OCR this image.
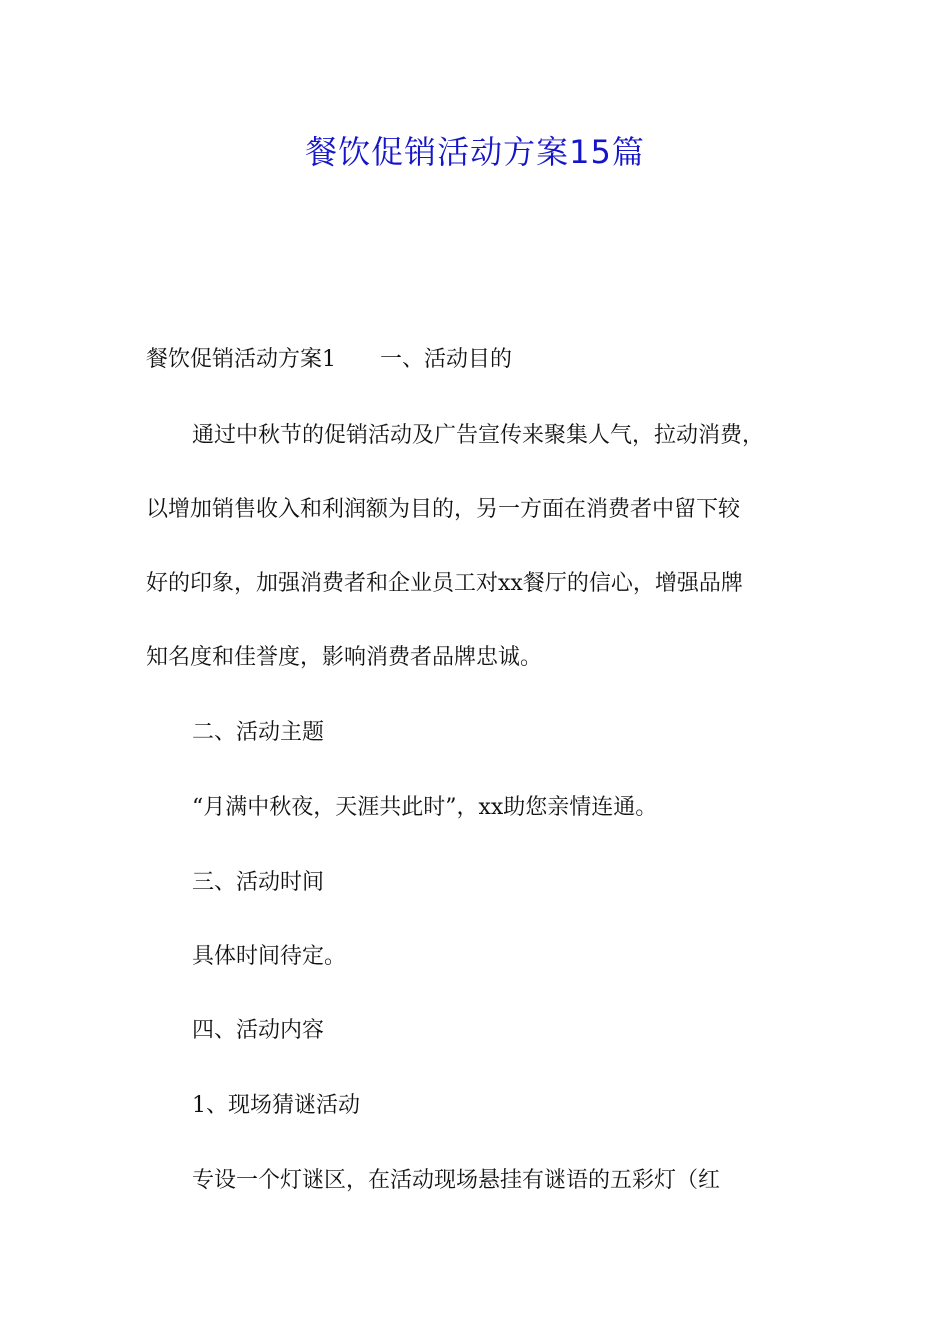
餐饮促销活动方案15篇

餐饮促销活动方案1 一、活动目的

通过中秋节的促销活动及广告宣传来聚集人气，拉动消费，

以增加销售收入和利润额为目的，另一方面在消费者中留下较

好的印象，加强消费者和企业员工对xx餐厅的信心，增强品牌

知名度和佳誉度，影响消费者品牌忠诚。

二、活动主题

“月满中秋夜，天涯共此时”，xx助您亲情连通。

三、活动时间

具体时间待定。

四、活动内容

1、现场猜谜活动

专设一个灯谜区，在活动现场悬挂有谜语的五彩灯（红
